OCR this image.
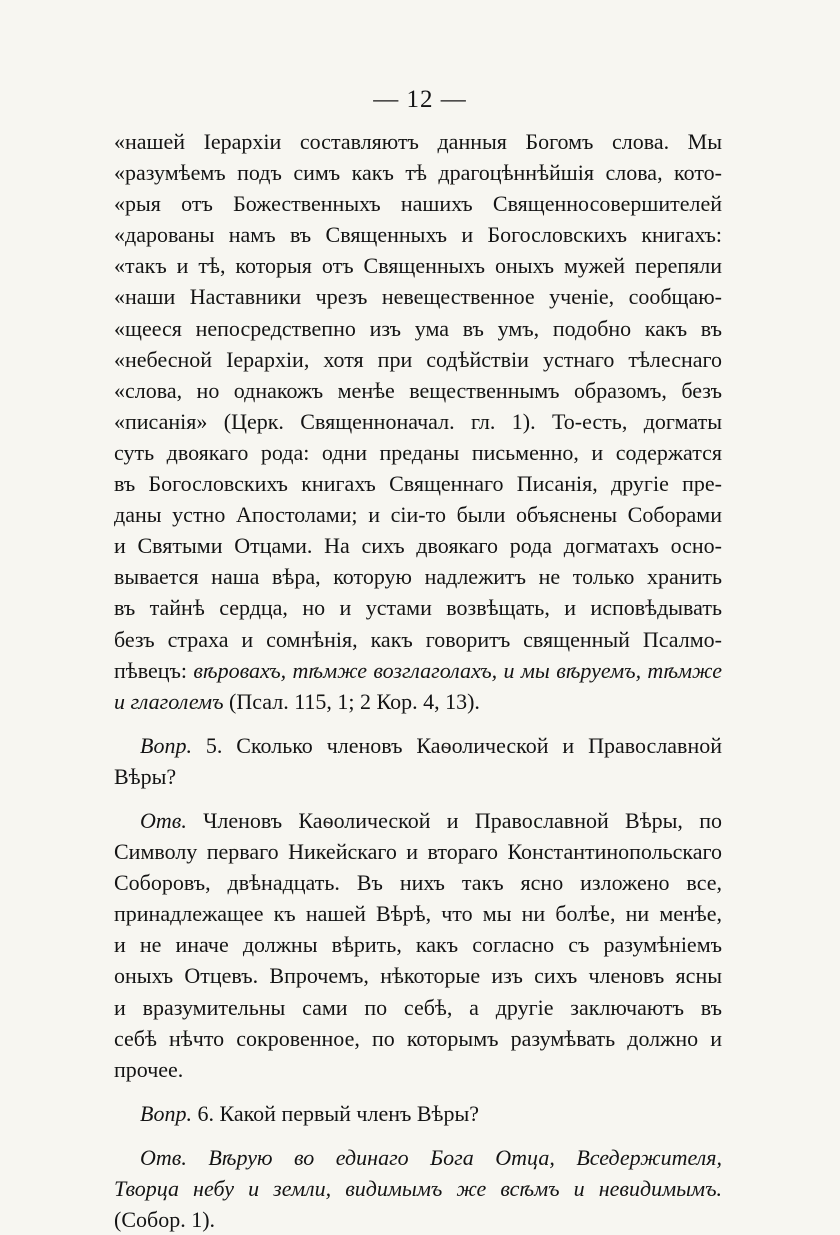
— 12 —
«нашей Іерархіи составляютъ данныя Богомъ слова. Мы
«разумѣемъ подъ симъ какъ тѣ драгоцѣннѣйшія слова, кото-
«рыя отъ Божественныхъ нашихъ Священносовершителей
«дарованы намъ въ Священныхъ и Богословскихъ книгахъ:
«такъ и тѣ, которыя отъ Священныхъ оныхъ мужей перепяли
«наши Наставники чрезъ невещественное ученіе, сообщаю-
«щееся непосредствепно изъ ума въ умъ, подобно какъ въ
«небесной Іерархіи, хотя при содѣйствіи устнаго тѣлеснаго
«слова, но однакожъ менѣе вещественнымъ образомъ, безъ
«писанія» (Церк. Священноначал. гл. 1). То-есть, догматы
суть двоякаго рода: одни преданы письменно, и содержатся
въ Богословскихъ книгахъ Священнаго Писанія, другіе пре-
даны устно Апостолами; и сіи-то были объяснены Соборами
и Святыми Отцами. На сихъ двоякаго рода догматахъ осно-
вывается наша вѣра, которую надлежитъ не только хранить
въ тайнѣ сердца, но и устами возвѣщать, и исповѣдывать
безъ страха и сомнѣнія, какъ говоритъ священный Псалмо-
пѣвецъ: вѣровахъ, тѣмже возглаголахъ, и мы вѣруемъ, тѣмже
и глаголемъ (Псал. 115, 1; 2 Кор. 4, 13).
Вопр. 5. Сколько членовъ Каѳолической и Православной
Вѣры?
Отв. Членовъ Каѳолической и Православной Вѣры, по
Символу перваго Никейскаго и втораго Константинопольскаго
Соборовъ, двѣнадцать. Въ нихъ такъ ясно изложено все,
принадлежащее къ нашей Вѣрѣ, что мы ни болѣе, ни менѣе,
и не иначе должны вѣрить, какъ согласно съ разумѣніемъ
оныхъ Отцевъ. Впрочемъ, нѣкоторые изъ сихъ членовъ ясны
и вразумительны сами по себѣ, а другіе заключаютъ въ
себѣ нѣчто сокровенное, по которымъ разумѣвать должно и
прочее.
Вопр. 6. Какой первый членъ Вѣры?
Отв. Вѣрую во единаго Бога Отца, Вседержителя,
Творца небу и земли, видимымъ же всѣмъ и невидимымъ.
(Собор. 1).
